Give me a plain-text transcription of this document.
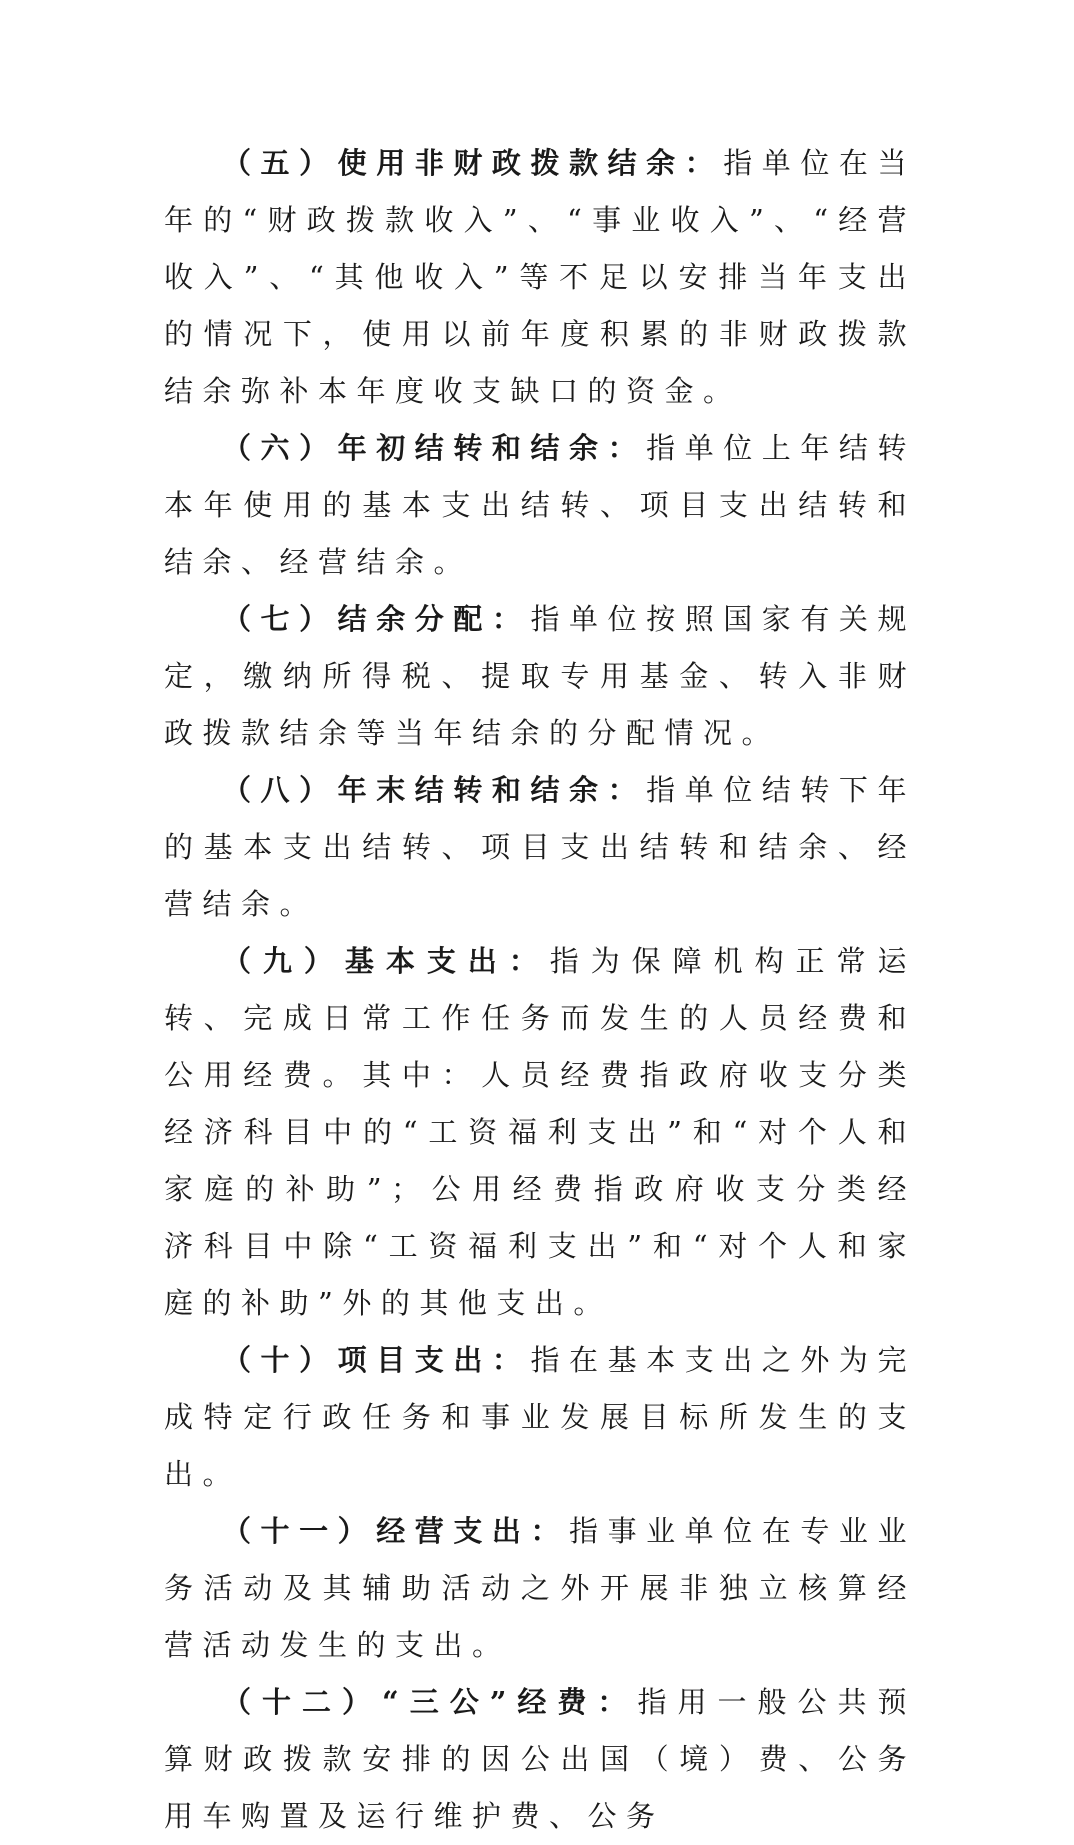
（五）使用非财政拨款结余：指单位在当年的“财政拨款收入”、“事业收入”、“经营收入”、“其他收入”等不足以安排当年支出的情况下，使用以前年度积累的非财政拨款结余弥补本年度收支缺口的资金。

（六）年初结转和结余：指单位上年结转本年使用的基本支出结转、项目支出结转和结余、经营结余。

（七）结余分配：指单位按照国家有关规定，缴纳所得税、提取专用基金、转入非财政拨款结余等当年结余的分配情况。

（八）年末结转和结余：指单位结转下年的基本支出结转、项目支出结转和结余、经营结余。

（九）基本支出：指为保障机构正常运转、完成日常工作任务而发生的人员经费和公用经费。其中：人员经费指政府收支分类经济科目中的“工资福利支出”和“对个人和家庭的补助”；公用经费指政府收支分类经济科目中除“工资福利支出”和“对个人和家庭的补助”外的其他支出。

（十）项目支出：指在基本支出之外为完成特定行政任务和事业发展目标所发生的支出。

（十一）经营支出：指事业单位在专业业务活动及其辅助活动之外开展非独立核算经营活动发生的支出。

（十二）“三公”经费：指用一般公共预算财政拨款安排的因公出国（境）费、公务用车购置及运行维护费、公务
